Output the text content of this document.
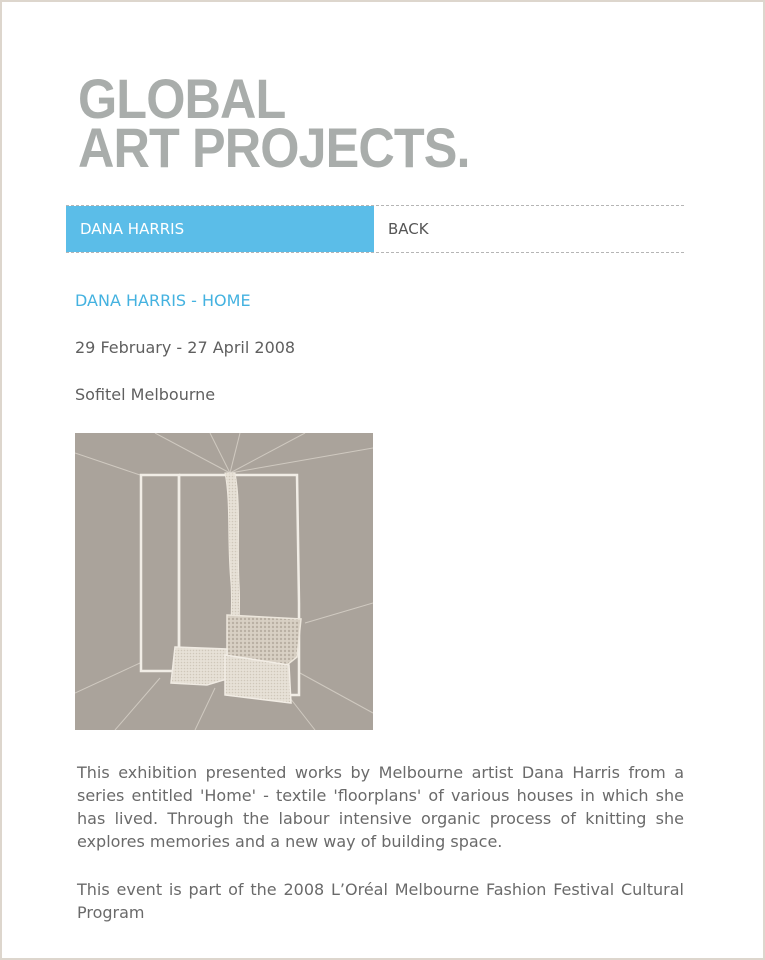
GLOBAL
ART PROJECTS.
DANA HARRIS	BACK
DANA HARRIS - HOME
29 February - 27 April 2008
Sofitel Melbourne

This exhibition presented works by Melbourne artist Dana Harris from a series entitled 'Home' - textile 'floorplans' of various houses in which she has lived. Through the labour intensive organic process of knitting she explores memories and a new way of building space.

This event is part of the 2008 L’Oréal Melbourne Fashion Festival Cultural Program
